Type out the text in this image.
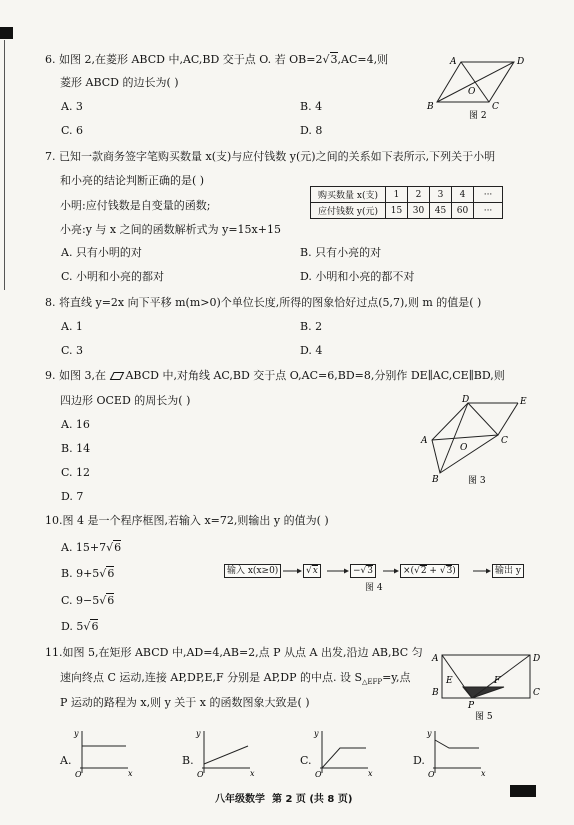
6. 如图 2,在菱形 ABCD 中,AC,BD 交于点 O. 若 OB=2√3,AC=4,则
菱形 ABCD 的边长为( )
A. 3	B. 4
C. 6	D. 8
A	D
O
B	C
图 2
7. 已知一款商务签字笔购买数量 x(支)与应付钱数 y(元)之间的关系如下表所示,下列关于小明
和小亮的结论判断正确的是( )
小明:应付钱数是自变量的函数;
小亮:y 与 x 之间的函数解析式为 y=15x+15
购买数量 x(支)	1	2	3	4	···
应付钱数 y(元)	15	30	45	60	···
A. 只有小明的对	B. 只有小亮的对
C. 小明和小亮的都对	D. 小明和小亮的都不对
8. 将直线 y=2x 向下平移 m(m>0)个单位长度,所得的图象恰好过点(5,7),则 m 的值是( )
A. 1	B. 2
C. 3	D. 4
9. 如图 3,在 ABCD 中,对角线 AC,BD 交于点 O,AC=6,BD=8,分别作 DE∥AC,CE∥BD,则
四边形 OCED 的周长为( )
A. 16
B. 14
C. 12
D. 7
D	E
A
O
C
B	图 3
10.图 4 是一个程序框图,若输入 x=72,则输出 y 的值为( )
A. 15+7√6
B. 9+5√6
C. 9−5√6
D. 5√6
输入 x(x≥0)	√x	−√3	×(√2 + √3)	输出 y
图 4
11.如图 5,在矩形 ABCD 中,AD=4,AB=2,点 P 从点 A 出发,沿边 AB,BC 匀
速向终点 C 运动,连接 AP,DP,E,F 分别是 AP,DP 的中点. 设 $S_{\triangle EFP}=y$,点
P 运动的路程为 x,则 y 关于 x 的函数图象大致是( )
A	D
E	F
B
P
C
图 5
A.	B.	C.	D.
y
x
O
y
x
O
y
x
O
y
x
O
八年级数学  第 2 页 (共 8 页)
